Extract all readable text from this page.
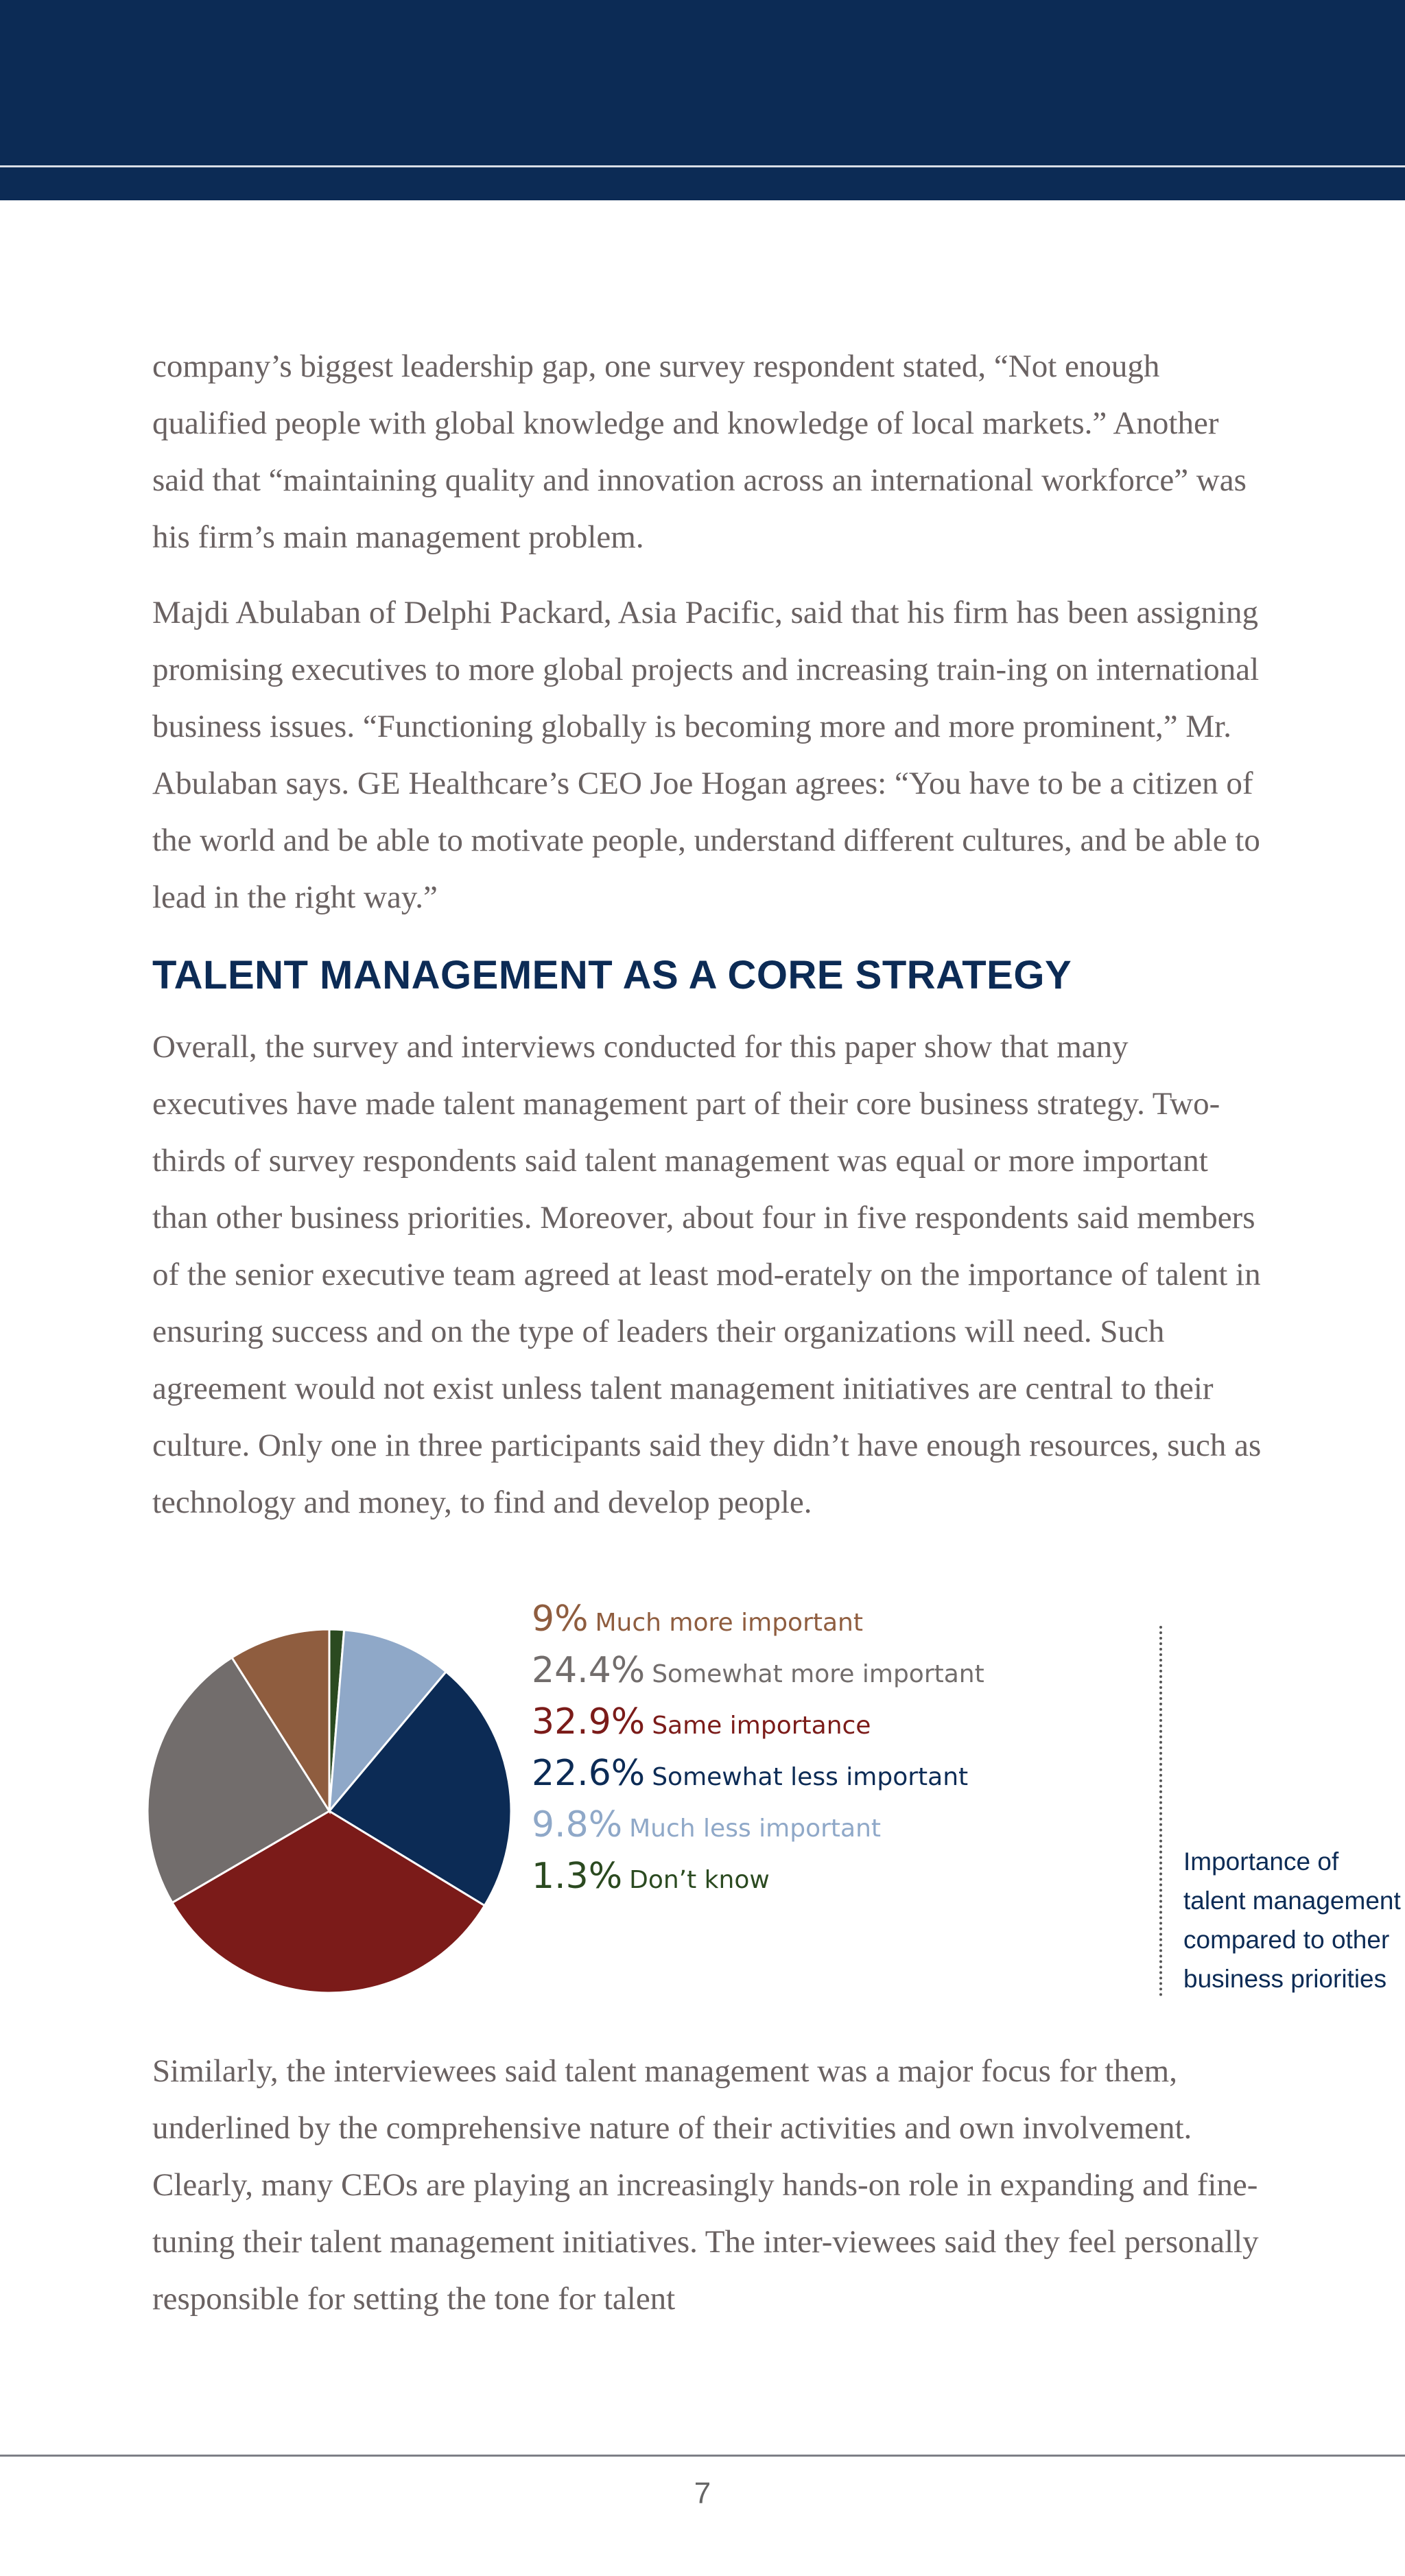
company’s biggest leadership gap, one survey respondent stated, “Not enough qualified people with global knowledge and knowledge of local markets.” Another said that “maintaining quality and innovation across an international workforce” was his firm’s main management problem.

Majdi Abulaban of Delphi Packard, Asia Pacific, said that his firm has been assigning promising executives to more global projects and increasing train-ing on international business issues. “Functioning globally is becoming more and more prominent,” Mr. Abulaban says. GE Healthcare’s CEO Joe Hogan agrees: “You have to be a citizen of the world and be able to motivate people, understand different cultures, and be able to lead in the right way.”

TALENT MANAGEMENT AS A CORE STRATEGY

Overall, the survey and interviews conducted for this paper show that many executives have made talent management part of their core business strategy. Two-thirds of survey respondents said talent management was equal or more important than other business priorities. Moreover, about four in five respondents said members of the senior executive team agreed at least mod-erately on the importance of talent in ensuring success and on the type of leaders their organizations will need. Such agreement would not exist unless talent management initiatives are central to their culture. Only one in three participants said they didn’t have enough resources, such as technology and money, to find and develop people.

9% Much more important
24.4% Somewhat more important
32.9% Same importance
22.6% Somewhat less important
9.8% Much less important
1.3% Don’t know

Importance of talent management compared to other business priorities

Similarly, the interviewees said talent management was a major focus for them, underlined by the comprehensive nature of their activities and own involvement. Clearly, many CEOs are playing an increasingly hands-on role in expanding and fine-tuning their talent management initiatives. The inter-viewees said they feel personally responsible for setting the tone for talent

7
